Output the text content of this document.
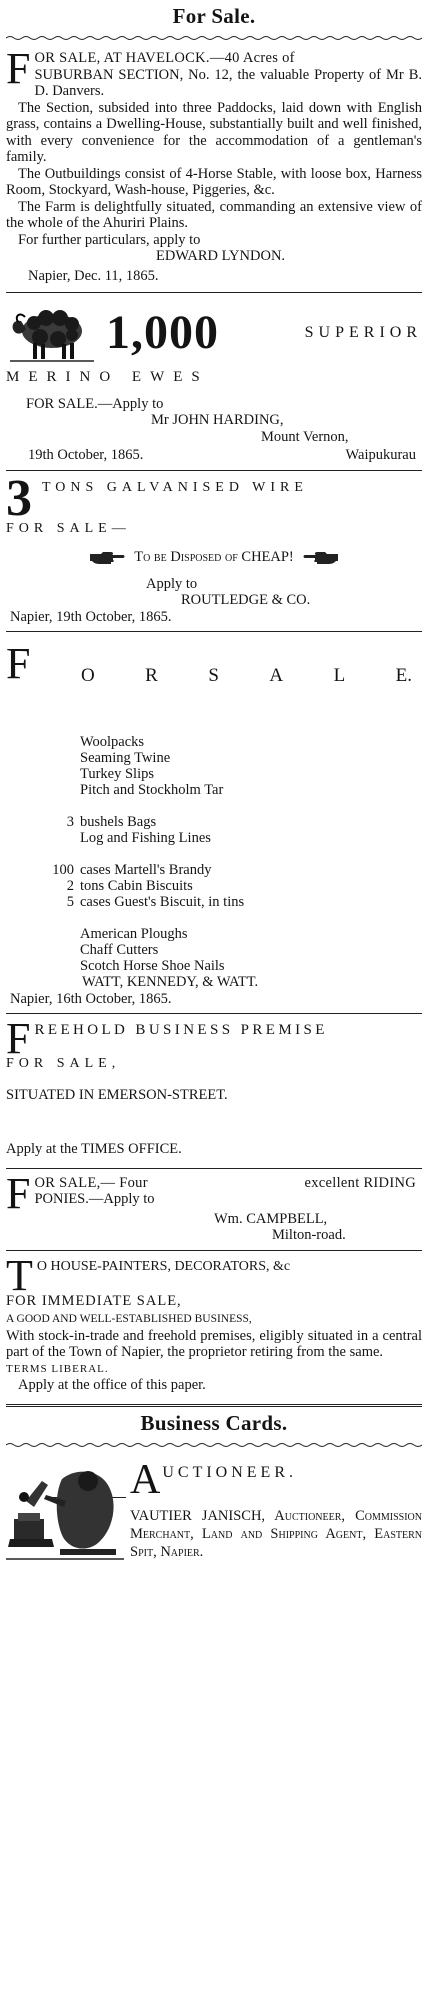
For Sale.
F OR SALE, AT HAVELOCK.—40 Acres of

SUBURBAN SECTION, No. 12, the valuable Property of Mr B. D. Danvers.

The Section, subsided into three Paddocks, laid down with English grass, contains a Dwelling-House, substantially built and well finished, with every convenience for the accommodation of a gentleman's family.

The Outbuildings consist of 4-Horse Stable, with loose box, Harness Room, Stockyard, Wash-house, Piggeries, &c.

The Farm is delightfully situated, commanding an extensive view of the whole of the Ahuriri Plains.

For further particulars, apply to

EDWARD LYNDON.

Napier, Dec. 11, 1865.

1,000	SUPERIOR

MERINO EWES

FOR SALE.—Apply to

Mr JOHN HARDING,

Mount Vernon,

19th October, 1865.	Waipukurau
3 TONS GALVANISED WIRE

FOR SALE—

To be Disposed of CHEAP!

Apply to

ROUTLEDGE & CO.

Napier, 19th October, 1865.

F	O	R	S	A	L	E.
Woolpacks
Seaming Twine
Turkey Slips
Pitch and Stockholm Tar
3 bushels Bags
Log and Fishing Lines
100 cases Martell's Brandy
2 tons Cabin Biscuits
5 cases Guest's Biscuit, in tins
American Ploughs
Chaff Cutters
Scotch Horse Shoe Nails

WATT, KENNEDY, & WATT.

Napier, 16th October, 1865.

F REEHOLD BUSINESS PREMISE

FOR SALE,

SITUATED IN EMERSON-STREET.

Apply at the TIMES OFFICE.

F OR SALE,— Four	excellent RIDING

PONIES.—Apply to

Wm. CAMPBELL,

Milton-road.

T O HOUSE-PAINTERS, DECORATORS, &c

FOR IMMEDIATE SALE,

A GOOD AND WELL-ESTABLISHED BUSINESS,

With stock-in-trade and freehold premises, eligibly situated in a central part of the Town of Napier, the proprietor retiring from the same.

TERMS LIBERAL.

Apply at the office of this paper.

Business Cards.
A UCTIONEER.

VAUTIER JANISCH, Auctioneer, Commission Merchant, Land and Shipping Agent, Eastern Spit, Napier.
